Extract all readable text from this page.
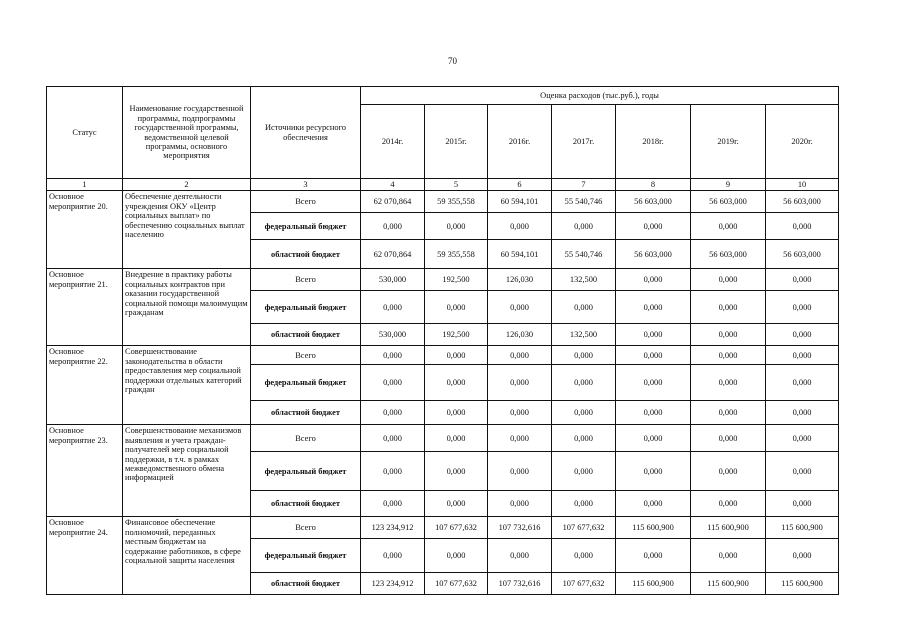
70
Статус	Наименование государственной программы, подпрограммы государственной программы, ведомственной целевой программы, основного мероприятия	Источники ресурсного обеспечения	Оценка расходов (тыс.руб.), годы						
			2014г.	2015г.	2016г.	2017г.	2018г.	2019г.	2020г.
1	2	3	4	5	6	7	8	9	10
Основное мероприятие 20.	Обеспечение деятельности учреждения ОКУ «Центр социальных выплат» по обеспечению социальных выплат населению	Всего	62 070,864	59 355,558	60 594,101	55 540,746	56 603,000	56 603,000	56 603,000
		федеральный бюджет	0,000	0,000	0,000	0,000	0,000	0,000	0,000
		областной бюджет	62 070,864	59 355,558	60 594,101	55 540,746	56 603,000	56 603,000	56 603,000
Основное мероприятие 21.	Внедрение в практику работы социальных контрактов при оказании государственной социальной помощи малоимущим гражданам	Всего	530,000	192,500	126,030	132,500	0,000	0,000	0,000
		федеральный бюджет	0,000	0,000	0,000	0,000	0,000	0,000	0,000
		областной бюджет	530,000	192,500	126,030	132,500	0,000	0,000	0,000
Основное мероприятие 22.	Совершенствование законодательства в области предоставления мер социальной поддержки отдельных категорий граждан	Всего	0,000	0,000	0,000	0,000	0,000	0,000	0,000
		федеральный бюджет	0,000	0,000	0,000	0,000	0,000	0,000	0,000
		областной бюджет	0,000	0,000	0,000	0,000	0,000	0,000	0,000
Основное мероприятие 23.	Совершенствование механизмов выявления и учета граждан-получателей мер социальной поддержки, в т.ч. в рамках межведомственного обмена информацией	Всего	0,000	0,000	0,000	0,000	0,000	0,000	0,000
		федеральный бюджет	0,000	0,000	0,000	0,000	0,000	0,000	0,000
		областной бюджет	0,000	0,000	0,000	0,000	0,000	0,000	0,000
Основное мероприятие 24.	Финансовое обеспечение полномочий, переданных местным бюджетам на содержание работников, в сфере социальной защиты населения	Всего	123 234,912	107 677,632	107 732,616	107 677,632	115 600,900	115 600,900	115 600,900
		федеральный бюджет	0,000	0,000	0,000	0,000	0,000	0,000	0,000
		областной бюджет	123 234,912	107 677,632	107 732,616	107 677,632	115 600,900	115 600,900	115 600,900
